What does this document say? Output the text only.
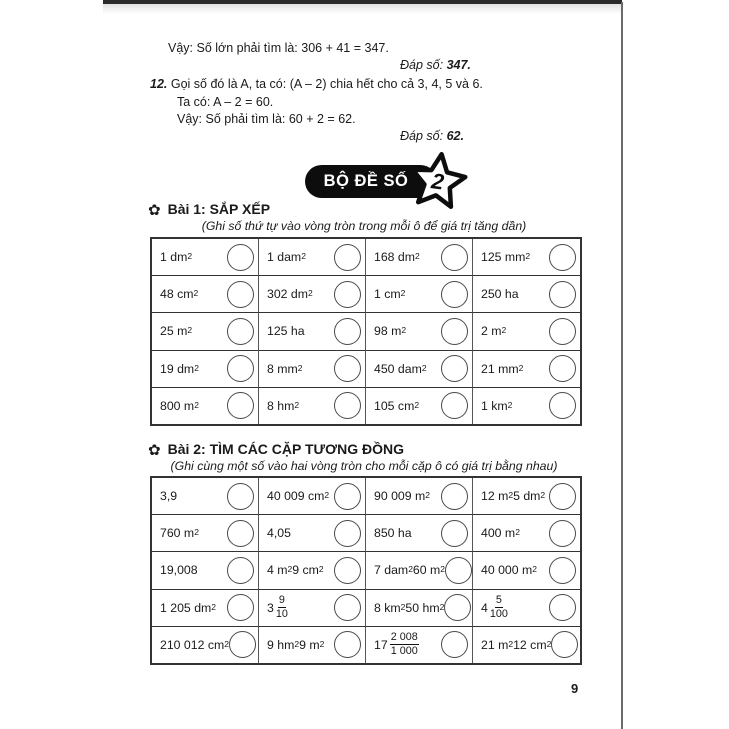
Vậy: Số lớn phải tìm là: 306 + 41 = 347.
Đáp số: 347.
12. Gọi số đó là A, ta có: (A – 2) chia hết cho cả 3, 4, 5 và 6.
Ta có: A – 2 = 60.
Vậy: Số phải tìm là: 60 + 2 = 62.
Đáp số: 62.
BỘ ĐỀ SỐ 2
✿ Bài 1: SẮP XẾP
(Ghi số thứ tự vào vòng tròn trong mỗi ô để giá trị tăng dần)
1 $dm^2$	1 dam$^2$	168 $dm^2$	125 $mm^2$
48 $cm^2$	302 $dm^2$	1 $cm^2$	250 ha
25 $m^2$	125 ha	98 $m^2$	2 $m^2$
19 $dm^2$	8 $mm^2$	450 dam$^2$	21 $mm^2$
800 $m^2$	8 $hm^2$	105 $cm^2$	1 $km^2$
✿ Bài 2: TÌM CÁC CẶP TƯƠNG ĐỒNG
(Ghi cùng một số vào hai vòng tròn cho mỗi cặp ô có giá trị bằng nhau)
3,9	40 009 $cm^2$	90 009 $m^2$	12 $m^2$ 5 $dm^2$
760 $m^2$	4,05	850 ha	400 $m^2$
19,008	4 $m^2$ 9 $cm^2$	7 dam$^2$ 60 $m^2$	40 000 $m^2$
1 205 $dm^2$	$3 \frac{9}{10}$	8 $km^2$ 50 $hm^2$	$4 \frac{5}{100}$
210 012 $cm^2$	9 $hm^2$ 9 $m^2$	$17 \frac{2 008}{1 000}$	21 $m^2$ 12 $cm^2$
9
